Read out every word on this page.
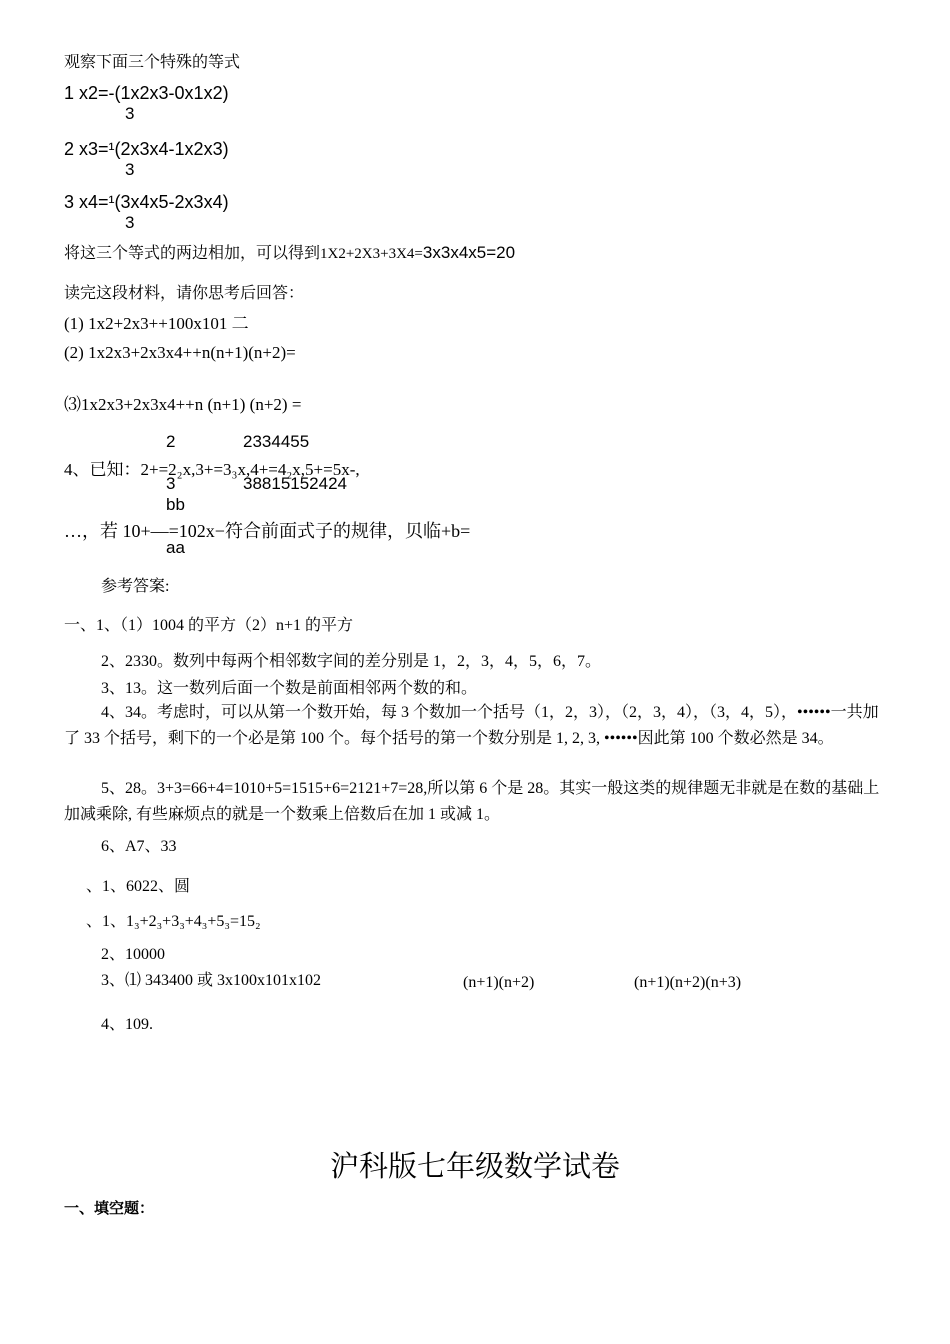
观察下面三个特殊的等式
1 x2=-(1x2x3-0x1x2)
3
2 x3=¹(2x3x4-1x2x3)
3
3 x4=¹(3x4x5-2x3x4)
3
将这三个等式的两边相加，可以得到1X2+2X3+3X4=3x3x4x5=20
读完这段材料，请你思考后回答：
(1) 1x2+2x3++100x101 二
(2) 1x2x3+2x3x4++n(n+1)(n+2)=
⑶1x2x3+2x3x4++n (n+1) (n+2) =
2	2334455
4、已知：2+=2₂x,3+=3₃x,4+=4₂x,5+=5x-,
3	38815152424
bb
…，若 10+—=102x−符合前面式子的规律，贝临+b=
aa
参考答案:
一、1、（1）1004 的平方（2）n+1 的平方
2、2330。数列中每两个相邻数字间的差分别是 1，2，3，4，5，6，7。
3、13。这一数列后面一个数是前面相邻两个数的和。
4、34。考虑时，可以从第一个数开始，每 3 个数加一个括号（1，2，3），（2，3，4），（3，4，5），••••••一共加了 33 个括号，剩下的一个必是第 100 个。每个括号的第一个数分别是 1, 2, 3, ••••••因此第 100 个数必然是 34。
5、28。3+3=66+4=1010+5=1515+6=2121+7=28,所以第 6 个是 28。其实一般这类的规律题无非就是在数的基础上加减乘除, 有些麻烦点的就是一个数乘上倍数后在加 1 或减 1。
6、A7、33
、1、6022、圆
、1、1₃+2₃+3₃+4₃+5₃=15₂
2、10000
3、⑴ 343400 或 3x100x101x102	(n+1)(n+2)	(n+1)(n+2)(n+3)
4、109.
沪科版七年级数学试卷
一、填空题：
